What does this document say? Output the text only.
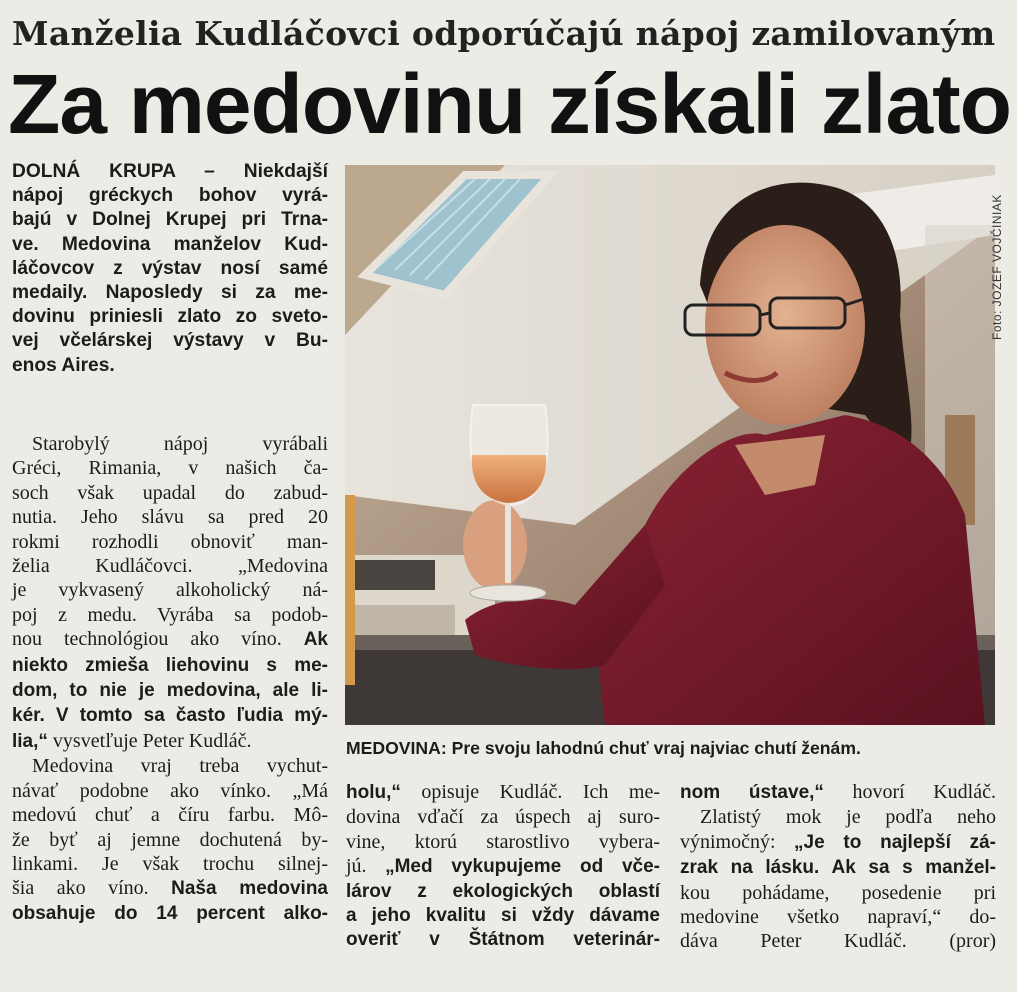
Manželia Kudláčovci odporúčajú nápoj zamilovaným
Za medovinu získali zlato
DOLNÁ KRUPA – Niekdajší
nápoj gréckych bohov vyrá-
bajú v Dolnej Krupej pri Trna-
ve. Medovina manželov Kud-
láčovcov z výstav nosí samé
medaily. Naposledy si za me-
dovinu priniesli zlato zo sveto-
vej včelárskej výstavy v Bu-
enos Aires.
Starobylý nápoj vyrábali
Gréci, Rimania, v našich ča-
soch však upadal do zabud-
nutia. Jeho slávu sa pred 20
rokmi rozhodli obnoviť man-
želia Kudláčovci. „Medovina
je vykvasený alkoholický ná-
poj z medu. Vyrába sa podob-
nou technológiou ako víno. Ak
niekto zmieša liehovinu s me-
dom, to nie je medovina, ale li-
kér. V tomto sa často ľudia mý-
lia,“ vysvetľuje Peter Kudláč.
Medovina vraj treba vychut-
návať podobne ako vínko. „Má
medovú chuť a číru farbu. Mô-
že byť aj jemne dochutená by-
linkami. Je však trochu silnej-
šia ako víno. Naša medovina
obsahuje do 14 percent alko-
Foto: JOZEF VOJČINIAK
MEDOVINA: Pre svoju lahodnú chuť vraj najviac chutí ženám.
holu,“ opisuje Kudláč. Ich me-
dovina vďačí za úspech aj suro-
vine, ktorú starostlivo vybera-
jú. „Med vykupujeme od vče-
lárov z ekologických oblastí
a jeho kvalitu si vždy dávame
overiť v Štátnom veterinár-
nom ústave,“ hovorí Kudláč.
Zlatistý mok je podľa neho
výnimočný: „Je to najlepší zá-
zrak na lásku. Ak sa s manžel-
kou pohádame, posedenie pri
medovine všetko napraví,“ do-
dáva Peter Kudláč. (pror)
